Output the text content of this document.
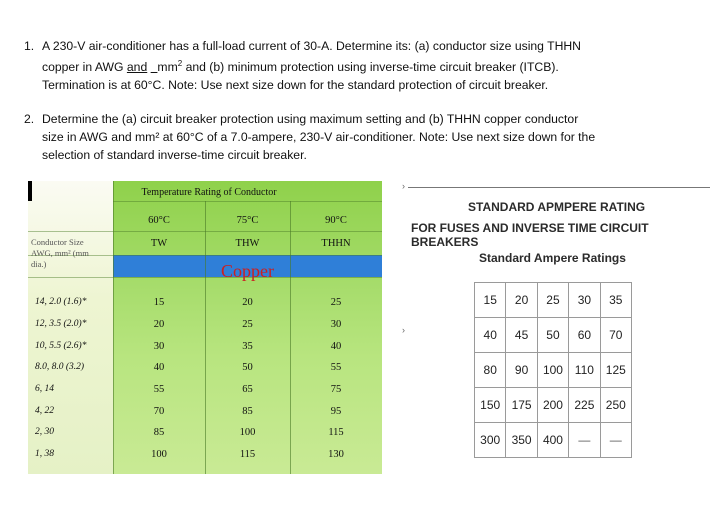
1. A 230-V air-conditioner has a full-load current of 30-A. Determine its: (a) conductor size using THHN
copper in AWG and $mm^2$ and (b) minimum protection using inverse-time circuit breaker (ITCB).
Termination is at 60°C. Note: Use next size down for the standard protection of circuit breaker.
2. Determine the (a) circuit breaker protection using maximum setting and (b) THHN copper conductor
size in AWG and mm² at 60°C of a 7.0-ampere, 230-V air-conditioner. Note: Use next size down for the
selection of standard inverse-time circuit breaker.
Temperature Rating of Conductor
60°C	75°C	90°C
TW	THW	THHN
Conductor Size
AWG, mm² (mm
dia.)	Copper
14, 2.0 (1.6)*	15	20	25
12, 3.5 (2.0)*	20	25	30
10, 5.5 (2.6)*	30	35	40
8.0, 8.0 (3.2)	40	50	55
6, 14	55	65	75
4, 22	70	85	95
2, 30	85	100	115
1, 38	100	115	130
›
›
STANDARD APMPERE RATING
FOR FUSES AND INVERSE TIME CIRCUIT BREAKERS
Standard Ampere Ratings
15	20	25	30	35
40	45	50	60	70
80	90	100	110	125
150	175	200	225	250
300	350	400	—	—
